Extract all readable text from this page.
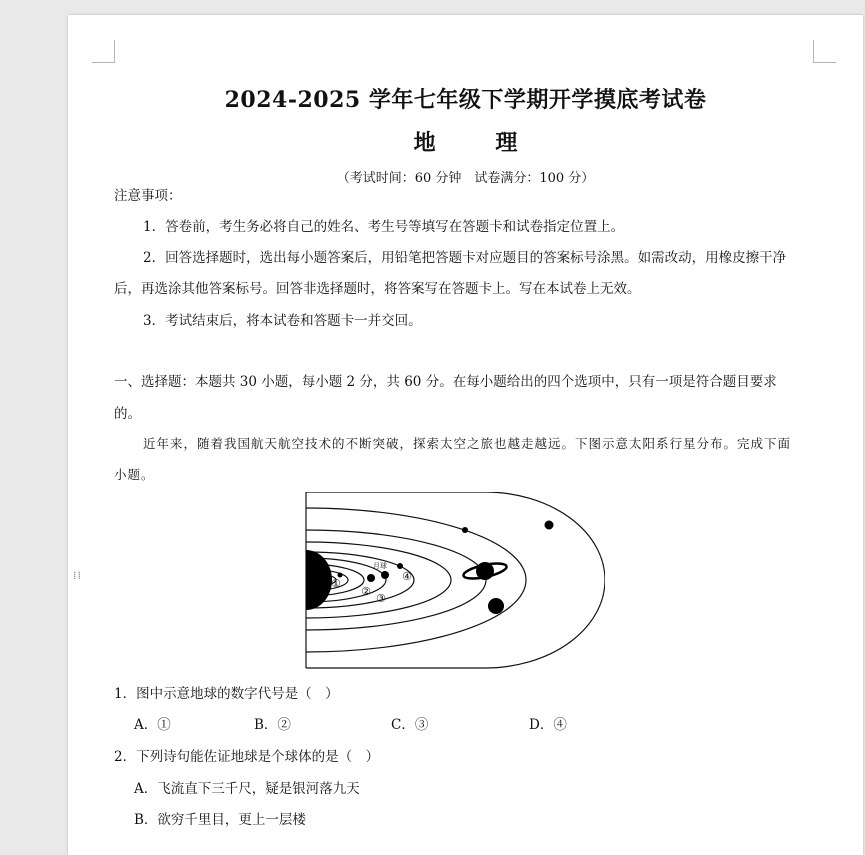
2024-2025 学年七年级下学期开学摸底考试卷
地 理
（考试时间：60 分钟　试卷满分：100 分）
注意事项：
1．答卷前，考生务必将自己的姓名、考生号等填写在答题卡和试卷指定位置上。
2．回答选择题时，选出每小题答案后，用铅笔把答题卡对应题目的答案标号涂黑。如需改动，用橡皮擦干净
后，再选涂其他答案标号。回答非选择题时，将答案写在答题卡上。写在本试卷上无效。
3．考试结束后，将本试卷和答题卡一并交回。
一、选择题：本题共 30 小题，每小题 2 分，共 60 分。在每小题给出的四个选项中，只有一项是符合题目要求
的。
近年来，随着我国航天航空技术的不断突破，探索太空之旅也越走越远。下图示意太阳系行星分布。完成下面
小题。
①
②
③
④
月球
1．图中示意地球的数字代号是（　）
A．①	B．②	C．③	D．④
2．下列诗句能佐证地球是个球体的是（　）
A．飞流直下三千尺，疑是银河落九天
B．欲穷千里目，更上一层楼
⁞⁞
